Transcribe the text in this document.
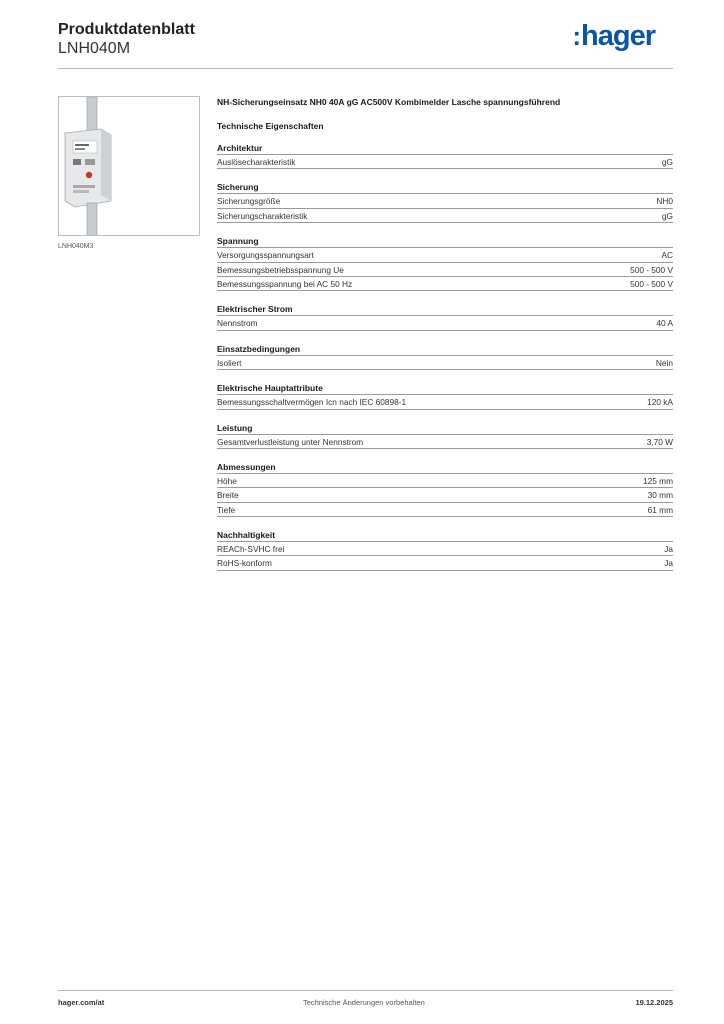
Produktdatenblatt
LNH040M	:hager
LNH040M3
NH-Sicherungseinsatz NH0 40A gG AC500V Kombimelder Lasche spannungsführend
Technische Eigenschaften
Architektur
Auslösecharakteristik	gG
Sicherung
Sicherungsgröße	NH0
Sicherungscharakteristik	gG
Spannung
Versorgungsspannungsart	AC
Bemessungsbetriebsspannung Ue	500 - 500 V
Bemessungsspannung bei AC 50 Hz	500 - 500 V
Elektrischer Strom
Nennstrom	40 A
Einsatzbedingungen
Isoliert	Nein
Elektrische Hauptattribute
Bemessungsschaltvermögen Icn nach IEC 60898-1	120 kA
Leistung
Gesamtverlustleistung unter Nennstrom	3,70 W
Abmessungen
Höhe	125 mm
Breite	30 mm
Tiefe	61 mm
Nachhaltigkeit
REACh-SVHC frei	Ja
RoHS-konform	Ja
hager.com/at	Technische Änderungen vorbehalten	19.12.2025
